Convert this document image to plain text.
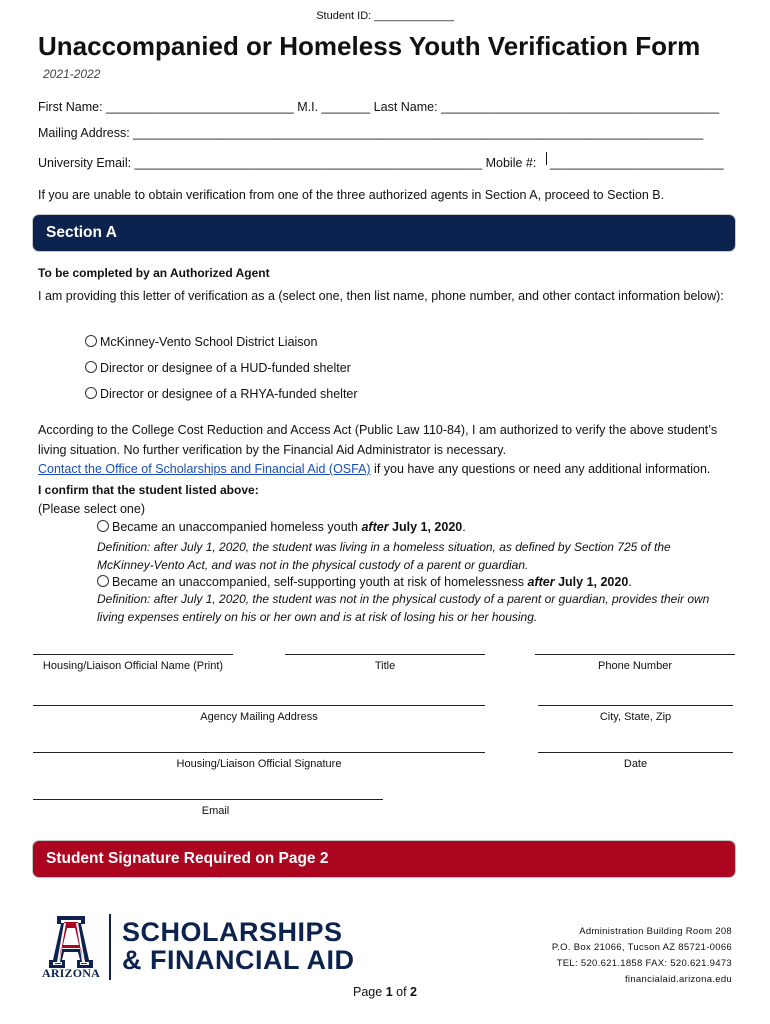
Student ID: _____________
Unaccompanied or Homeless Youth Verification Form
2021-2022
First Name: ___________________________ M.I. _______ Last Name: ________________________________________
Mailing Address: __________________________________________________________________________________
University Email: __________________________________________________ Mobile #: _________________________
If you are unable to obtain verification from one of the three authorized agents in Section A, proceed to Section B.
Section A
To be completed by an Authorized Agent
I am providing this letter of verification as a (select one, then list name, phone number, and other contact information below):
McKinney-Vento School District Liaison
Director or designee of a HUD-funded shelter
Director or designee of a RHYA-funded shelter
According to the College Cost Reduction and Access Act (Public Law 110-84), I am authorized to verify the above student’s living situation. No further verification by the Financial Aid Administrator is necessary.
Contact the Office of Scholarships and Financial Aid (OSFA) if you have any questions or need any additional information.
I confirm that the student listed above:
(Please select one)
Became an unaccompanied homeless youth after July 1, 2020.
Definition: after July 1, 2020, the student was living in a homeless situation, as defined by Section 725 of the McKinney-Vento Act, and was not in the physical custody of a parent or guardian.
Became an unaccompanied, self-supporting youth at risk of homelessness after July 1, 2020.
Definition: after July 1, 2020, the student was not in the physical custody of a parent or guardian, provides their own living expenses entirely on his or her own and is at risk of losing his or her housing.
Housing/Liaison Official Name (Print)	Title	Phone Number
Agency Mailing Address	City, State, Zip
Housing/Liaison Official Signature	Date
Email
Student Signature Required on Page 2
ARIZONA
SCHOLARSHIPS
& FINANCIAL AID
Administration Building Room 208
P.O. Box 21066, Tucson AZ 85721-0066
TEL: 520.621.1858 FAX: 520.621.9473
financialaid.arizona.edu
Page 1 of 2
